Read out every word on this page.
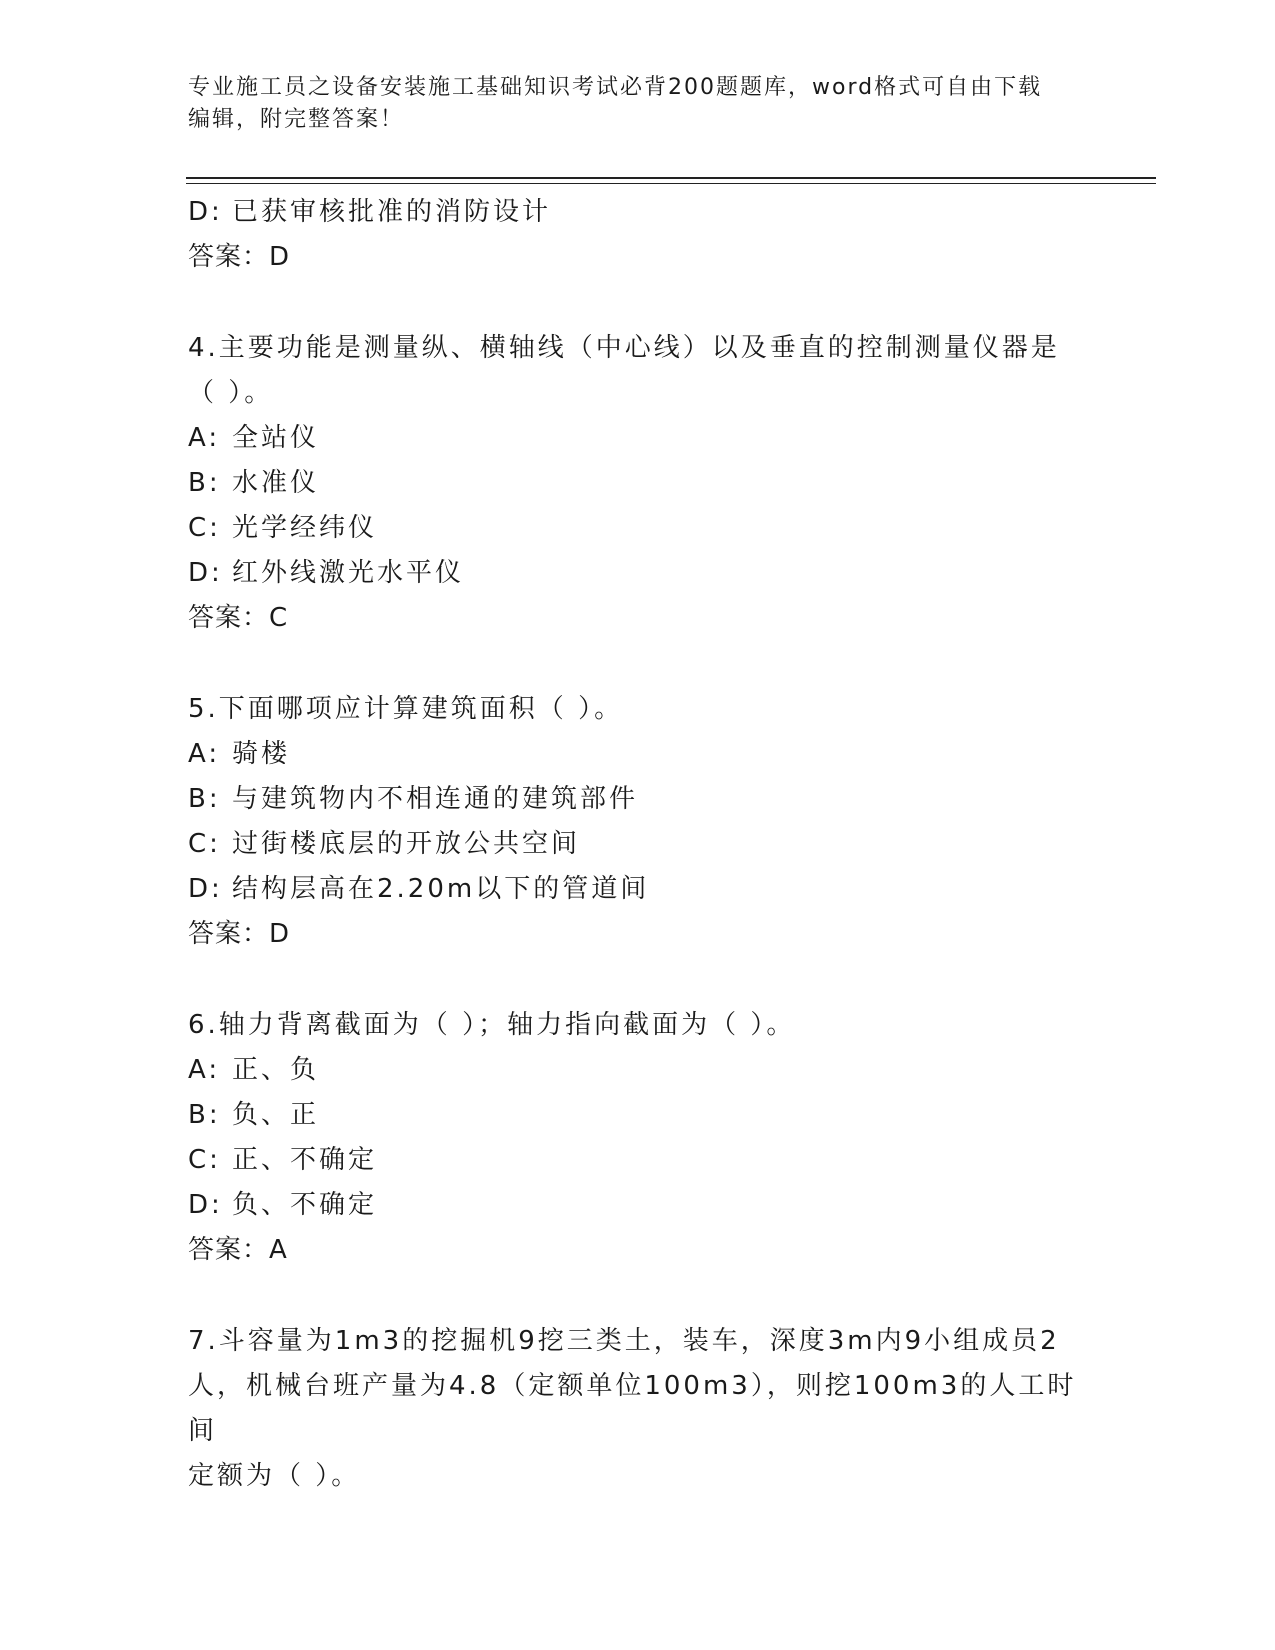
专业施工员之设备安装施工基础知识考试必背200题题库，word格式可自由下载
编辑，附完整答案！
D: 已获审核批准的消防设计
答案：D
4.主要功能是测量纵、横轴线（中心线）以及垂直的控制测量仪器是
（ ）。
A: 全站仪
B: 水准仪
C: 光学经纬仪
D: 红外线激光水平仪
答案：C
5.下面哪项应计算建筑面积（ ）。
A: 骑楼
B: 与建筑物内不相连通的建筑部件
C: 过街楼底层的开放公共空间
D: 结构层高在2.20m以下的管道间
答案：D
6.轴力背离截面为（ ）；轴力指向截面为（ ）。
A: 正、负
B: 负、正
C: 正、不确定
D: 负、不确定
答案：A
7.斗容量为1m3的挖掘机9挖三类土，装车，深度3m内9小组成员2
人，机械台班产量为4.8（定额单位100m3），则挖100m3的人工时间
定额为（ ）。
